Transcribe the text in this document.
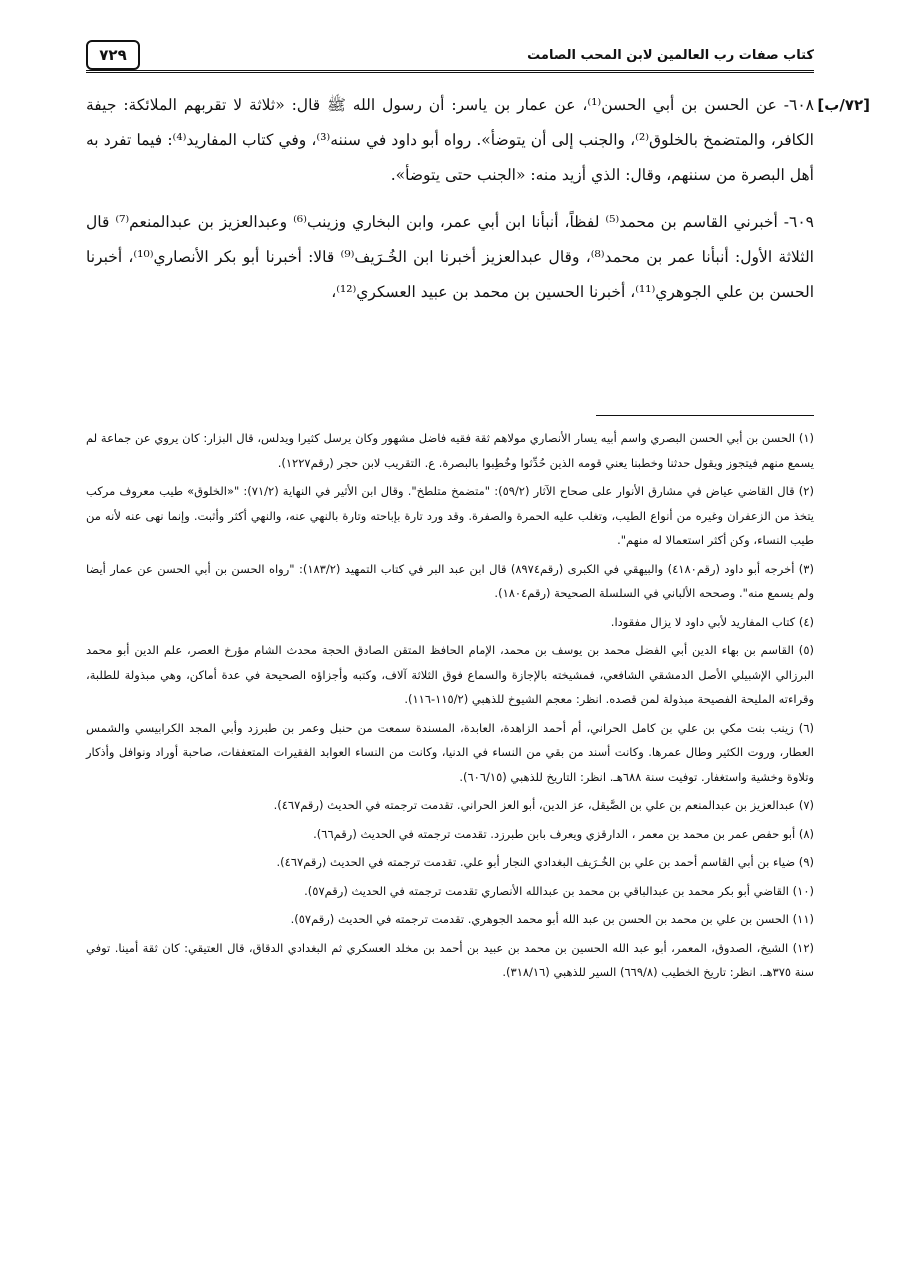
٧٢٩	كتاب صفات رب العالمين لابن المحب الصامت
[٧٢/ب]

٦٠٨- عن الحسن بن أبي الحسن⁽¹⁾، عن عمار بن ياسر: أن رسول الله ﷺ قال: «ثلاثة لا تقربهم الملائكة: جيفة الكافر، والمتضمخ بالخلوق⁽²⁾، والجنب إلى أن يتوضأ». رواه أبو داود في سننه⁽³⁾، وفي كتاب المفاريد⁽⁴⁾: فيما تفرد به أهل البصرة من سننهم، وقال: الذي أزيد منه: «الجنب حتى يتوضأ».

٦٠٩- أخبرني القاسم بن محمد⁽⁵⁾ لفظاً، أنبأنا ابن أبي عمر، وابن البخاري وزينب⁽⁶⁾ وعبدالعزيز بن عبدالمنعم⁽⁷⁾ قال الثلاثة الأول: أنبأنا عمر بن محمد⁽⁸⁾، وقال عبدالعزيز أخبرنا ابن الخُـرَيف⁽⁹⁾ قالا: أخبرنا أبو بكر الأنصاري⁽¹⁰⁾، أخبرنا الحسن بن علي الجوهري⁽¹¹⁾، أخبرنا الحسين بن محمد بن عبيد العسكري⁽¹²⁾،

(١) الحسن بن أبي الحسن البصري واسم أبيه يسار الأنصاري مولاهم ثقة فقيه فاضل مشهور وكان يرسل كثيرا ويدلس، قال البزار: كان يروي عن جماعة لم يسمع منهم فيتجوز ويقول حدثنا وخطبنا يعني قومه الذين حُدِّثوا وخُطِبوا بالبصرة. ع. التقريب لابن حجر (رقم١٢٢٧).

(٢) قال القاضي عياض في مشارق الأنوار على صحاح الآثار (٥٩/٢): "متضمخ متلطخ". وقال ابن الأثير في النهاية (٧١/٢): "«الخلوق» طيب معروف مركب يتخذ من الزعفران وغيره من أنواع الطيب، وتغلب عليه الحمرة والصفرة. وقد ورد تارة بإباحته وتارة بالنهي عنه، والنهي أكثر وأثبت. وإنما نهى عنه لأنه من طيب النساء، وكن أكثر استعمالا له منهم".

(٣) أخرجه أبو داود (رقم٤١٨٠) والبيهقي في الكبرى (رقم٨٩٧٤) قال ابن عبد البر في كتاب التمهيد (١٨٣/٢): "رواه الحسن بن أبي الحسن عن عمار أيضا ولم يسمع منه". وصححه الألباني في السلسلة الصحيحة (رقم١٨٠٤).

(٤) كتاب المفاريد لأبي داود لا يزال مفقودا.

(٥) القاسم بن بهاء الدين أبي الفضل محمد بن يوسف بن محمد، الإمام الحافظ المتقن الصادق الحجة محدث الشام مؤرخ العصر، علم الدين أبو محمد البرزالي الإشبيلي الأصل الدمشقي الشافعي، فمشيخته بالإجازة والسماع فوق الثلاثة آلاف، وكتبه وأجزاؤه الصحيحة في عدة أماكن، وهي مبذولة للطلبة، وقراءته المليحة الفصيحة مبذولة لمن قصده. انظر: معجم الشيوخ للذهبي (١١٥/٢-١١٦).

(٦) زينب بنت مكي بن علي بن كامل الحراني، أم أحمد الزاهدة، العابدة، المسندة سمعت من حنبل وعمر بن طبرزد وأبي المجد الكرابيسي والشمس العطار، وروت الكثير وطال عمرها. وكانت أسند من بقي من النساء في الدنيا، وكانت من النساء العوابد الفقيرات المتعففات، صاحبة أوراد ونوافل وأذكار وتلاوة وخشية واستغفار. توفيت سنة ٦٨٨هـ. انظر: التاريخ للذهبي (٦٠٦/١٥).

(٧) عبدالعزيز بن عبدالمنعم بن علي بن الصَّيقل، عز الدين، أبو العز الحراني. تقدمت ترجمته في الحديث (رقم٤٦٧).

(٨) أبو حفص عمر بن محمد بن معمر ، الدارقزي ويعرف بابن طبرزد. تقدمت ترجمته في الحديث (رقم٦٦).

(٩) ضياء بن أبي القاسم أحمد بن علي بن الخُـرَيف البغدادي النجار أبو علي. تقدمت ترجمته في الحديث (رقم٤٦٧).

(١٠) القاضي أبو بكر محمد بن عبدالباقي بن محمد بن عبدالله الأنصاري تقدمت ترجمته في الحديث (رقم٥٧).

(١١) الحسن بن علي بن محمد بن الحسن بن عبد الله أبو محمد الجوهري. تقدمت ترجمته في الحديث (رقم٥٧).

(١٢) الشيخ، الصدوق، المعمر، أبو عبد الله الحسين بن محمد بن عبيد بن أحمد بن مخلد العسكري ثم البغدادي الدقاق، قال العتيقي: كان ثقة أمينا. توفي سنة ٣٧٥هـ. انظر: تاريخ الخطيب (٦٦٩/٨) السير للذهبي (٣١٨/١٦).
